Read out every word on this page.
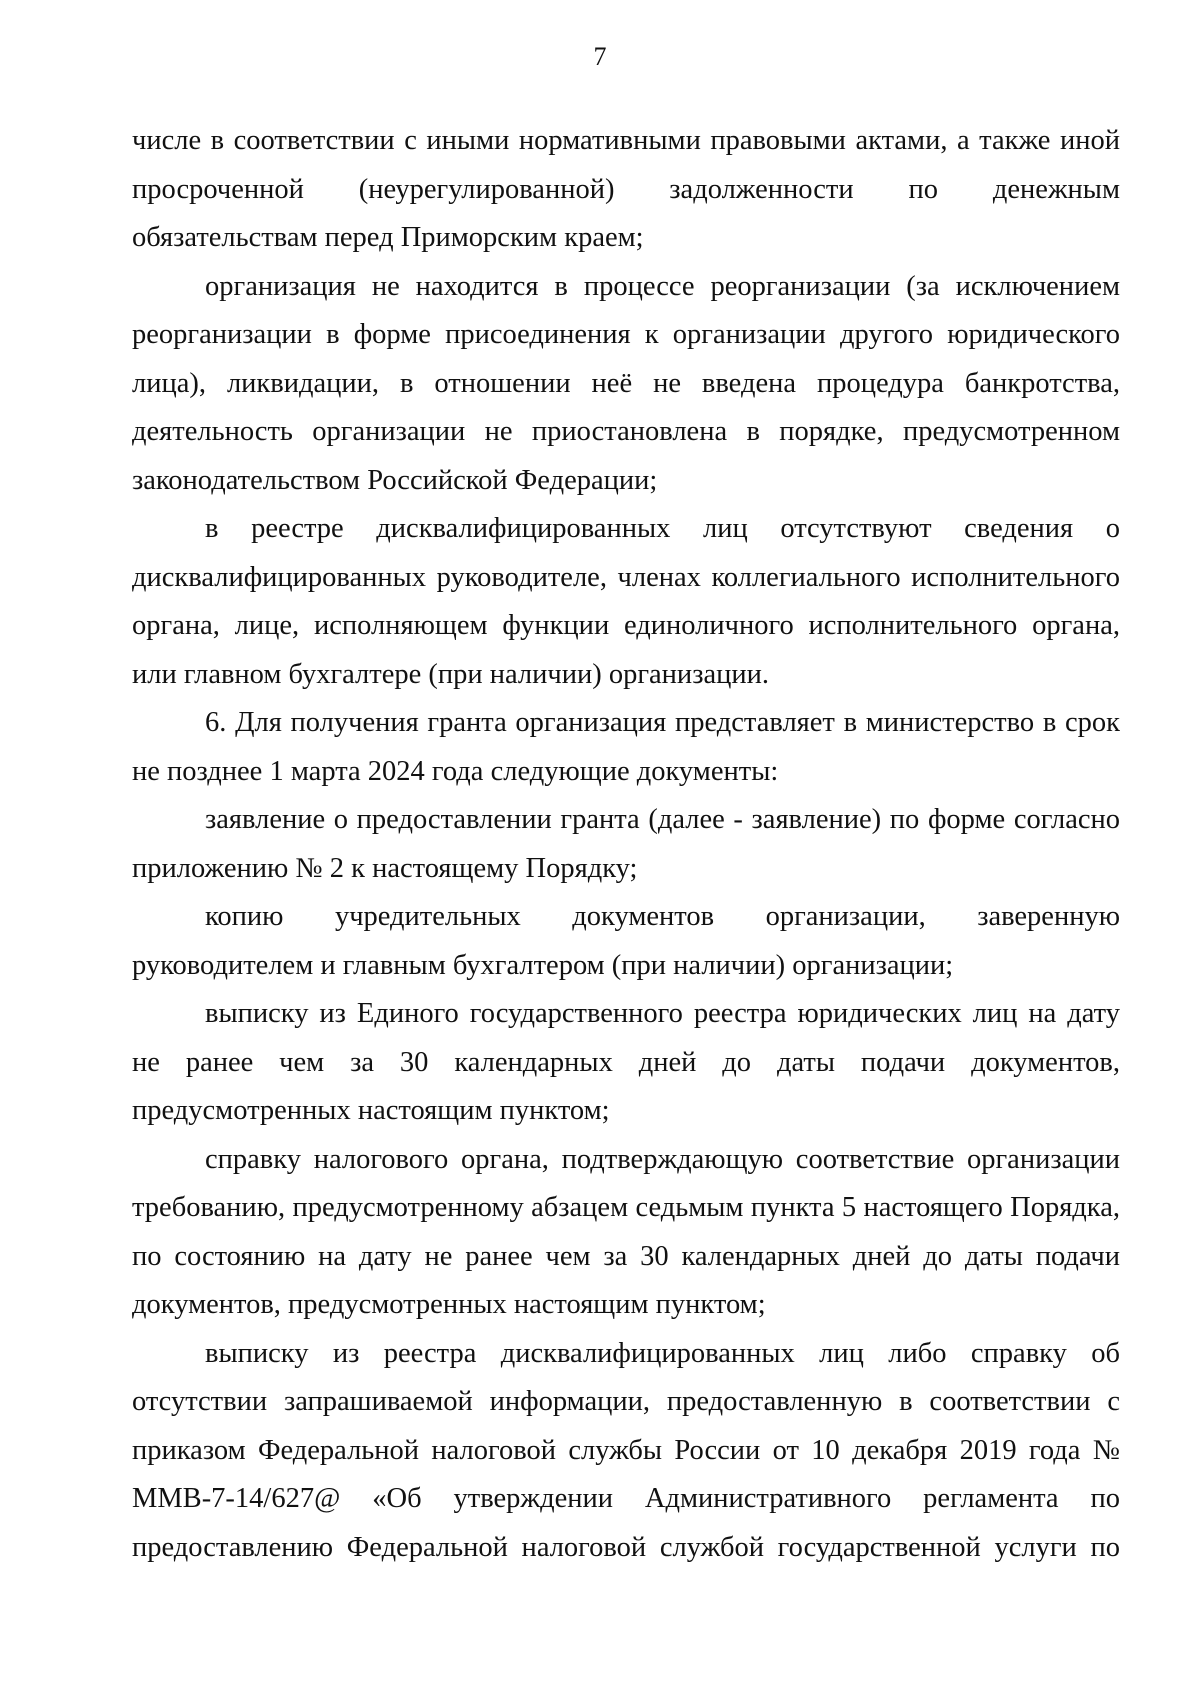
7

числе в соответствии с иными нормативными правовыми актами, а также иной просроченной (неурегулированной) задолженности по денежным обязательствам перед Приморским краем;

организация не находится в процессе реорганизации (за исключением реорганизации в форме присоединения к организации другого юридического лица), ликвидации, в отношении неё не введена процедура банкротства, деятельность организации не приостановлена в порядке, предусмотренном законодательством Российской Федерации;

в реестре дисквалифицированных лиц отсутствуют сведения о дисквалифицированных руководителе, членах коллегиального исполнительного органа, лице, исполняющем функции единоличного исполнительного органа, или главном бухгалтере (при наличии) организации.

6. Для получения гранта организация представляет в министерство в срок не позднее 1 марта 2024 года следующие документы:

заявление о предоставлении гранта (далее - заявление) по форме согласно приложению № 2 к настоящему Порядку;

копию учредительных документов организации, заверенную руководителем и главным бухгалтером (при наличии) организации;

выписку из Единого государственного реестра юридических лиц на дату не ранее чем за 30 календарных дней до даты подачи документов, предусмотренных настоящим пунктом;

справку налогового органа, подтверждающую соответствие организации требованию, предусмотренному абзацем седьмым пункта 5 настоящего Порядка, по состоянию на дату не ранее чем за 30 календарных дней до даты подачи документов, предусмотренных настоящим пунктом;

выписку из реестра дисквалифицированных лиц либо справку об отсутствии запрашиваемой информации, предоставленную в соответствии с приказом Федеральной налоговой службы России от 10 декабря 2019 года № ММВ-7-14/627@ «Об утверждении Административного регламента по предоставлению Федеральной налоговой службой государственной услуги по
